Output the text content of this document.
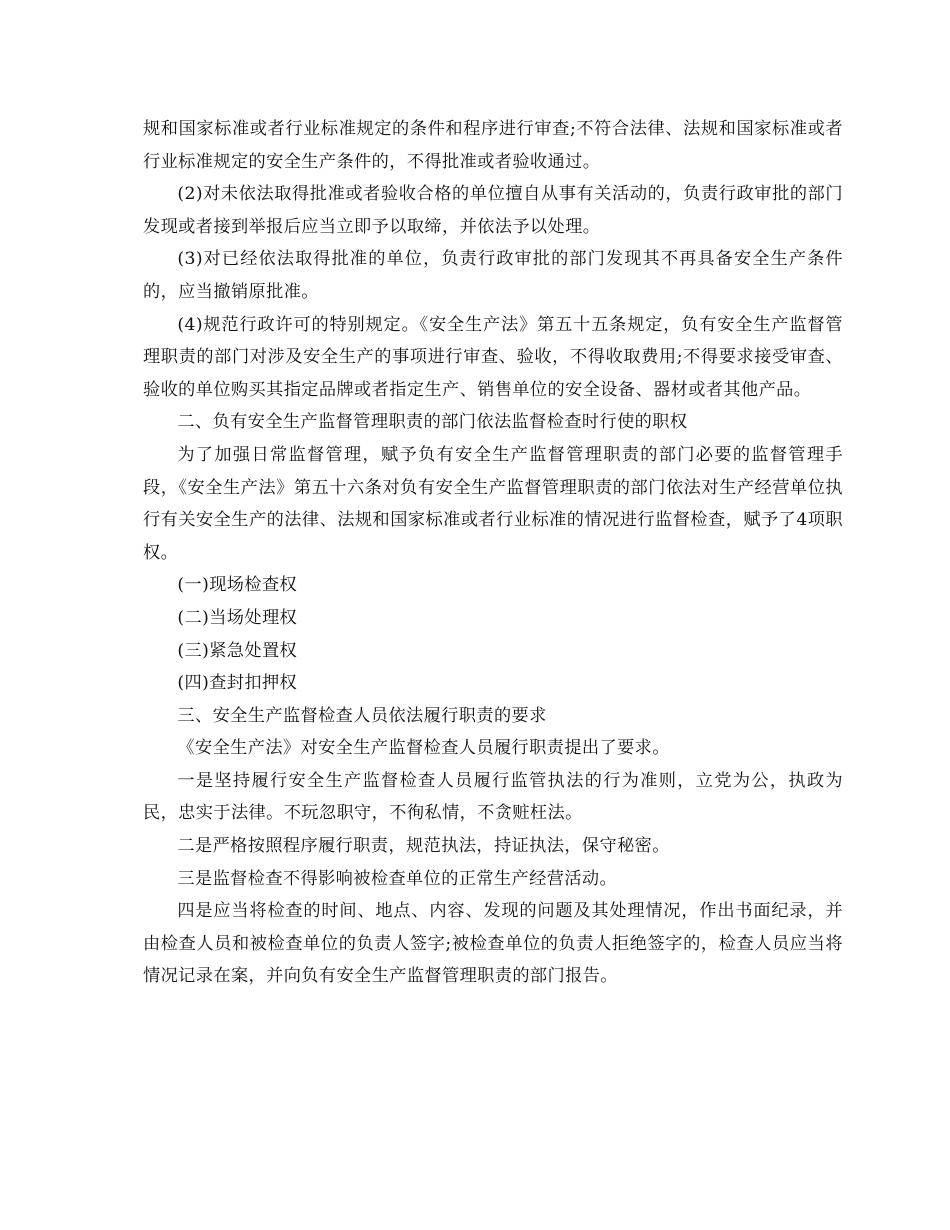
规和国家标准或者行业标准规定的条件和程序进行审查;不符合法律、法规和国家标准或者行业标准规定的安全生产条件的，不得批准或者验收通过。

(2)对未依法取得批准或者验收合格的单位擅自从事有关活动的，负责行政审批的部门发现或者接到举报后应当立即予以取缔，并依法予以处理。

(3)对已经依法取得批准的单位，负责行政审批的部门发现其不再具备安全生产条件的，应当撤销原批准。

(4)规范行政许可的特别规定。《安全生产法》第五十五条规定，负有安全生产监督管理职责的部门对涉及安全生产的事项进行审查、验收，不得收取费用;不得要求接受审查、验收的单位购买其指定品牌或者指定生产、销售单位的安全设备、器材或者其他产品。

二、负有安全生产监督管理职责的部门依法监督检查时行使的职权

为了加强日常监督管理，赋予负有安全生产监督管理职责的部门必要的监督管理手段，《安全生产法》第五十六条对负有安全生产监督管理职责的部门依法对生产经营单位执行有关安全生产的法律、法规和国家标准或者行业标准的情况进行监督检查，赋予了4项职权。

(一)现场检查权

(二)当场处理权

(三)紧急处置权

(四)查封扣押权

三、安全生产监督检查人员依法履行职责的要求

《安全生产法》对安全生产监督检查人员履行职责提出了要求。

一是坚持履行安全生产监督检查人员履行监管执法的行为准则，立党为公，执政为民，忠实于法律。不玩忽职守，不徇私情，不贪赃枉法。

二是严格按照程序履行职责，规范执法，持证执法，保守秘密。

三是监督检查不得影响被检查单位的正常生产经营活动。

四是应当将检查的时间、地点、内容、发现的问题及其处理情况，作出书面纪录，并由检查人员和被检查单位的负责人签字;被检查单位的负责人拒绝签字的，检查人员应当将情况记录在案，并向负有安全生产监督管理职责的部门报告。
